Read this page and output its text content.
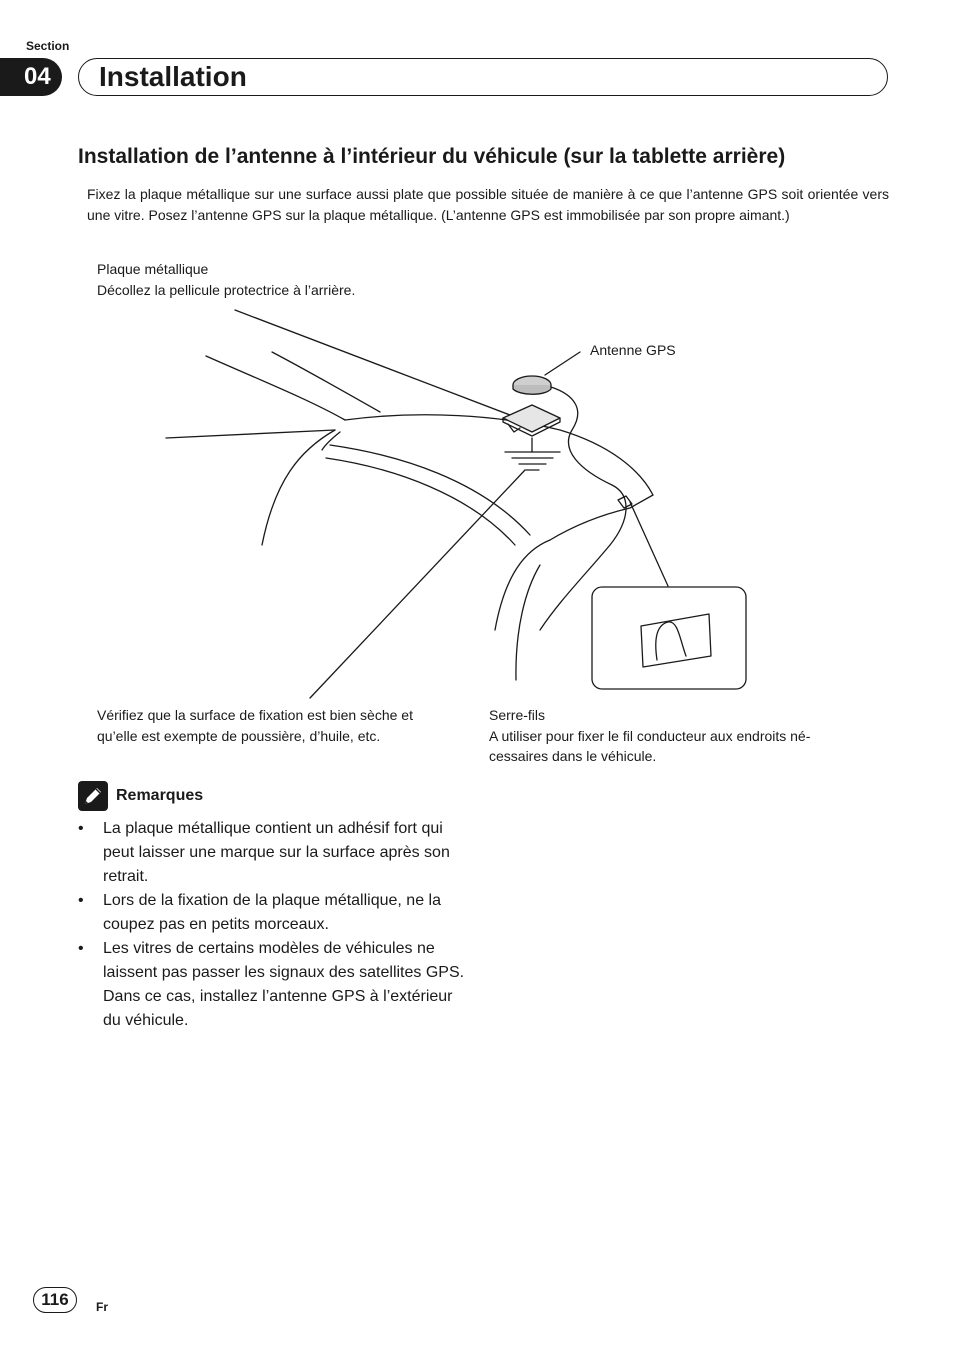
Section
04	Installation
Installation de l’antenne à l’intérieur du véhicule (sur la tablette arrière)
Fixez la plaque métallique sur une surface aussi plate que possible située de manière à ce que l’antenne GPS soit orientée vers une vitre. Posez l’antenne GPS sur la plaque métallique. (L’antenne GPS est immobilisée par son propre aimant.)
Plaque métallique
Décollez la pellicule protectrice à l’arrière.
Antenne GPS
Vérifiez que la surface de fixation est bien sèche et
qu’elle est exempte de poussière, d’huile, etc.
Serre-fils
A utiliser pour fixer le fil conducteur aux endroits né-
cessaires dans le véhicule.
Remarques
• La plaque métallique contient un adhésif fort qui peut laisser une marque sur la surface après son retrait.
• Lors de la fixation de la plaque métallique, ne la coupez pas en petits morceaux.
• Les vitres de certains modèles de véhicules ne laissent pas passer les signaux des satellites GPS. Dans ce cas, installez l’antenne GPS à l’extérieur du véhicule.
116	Fr
